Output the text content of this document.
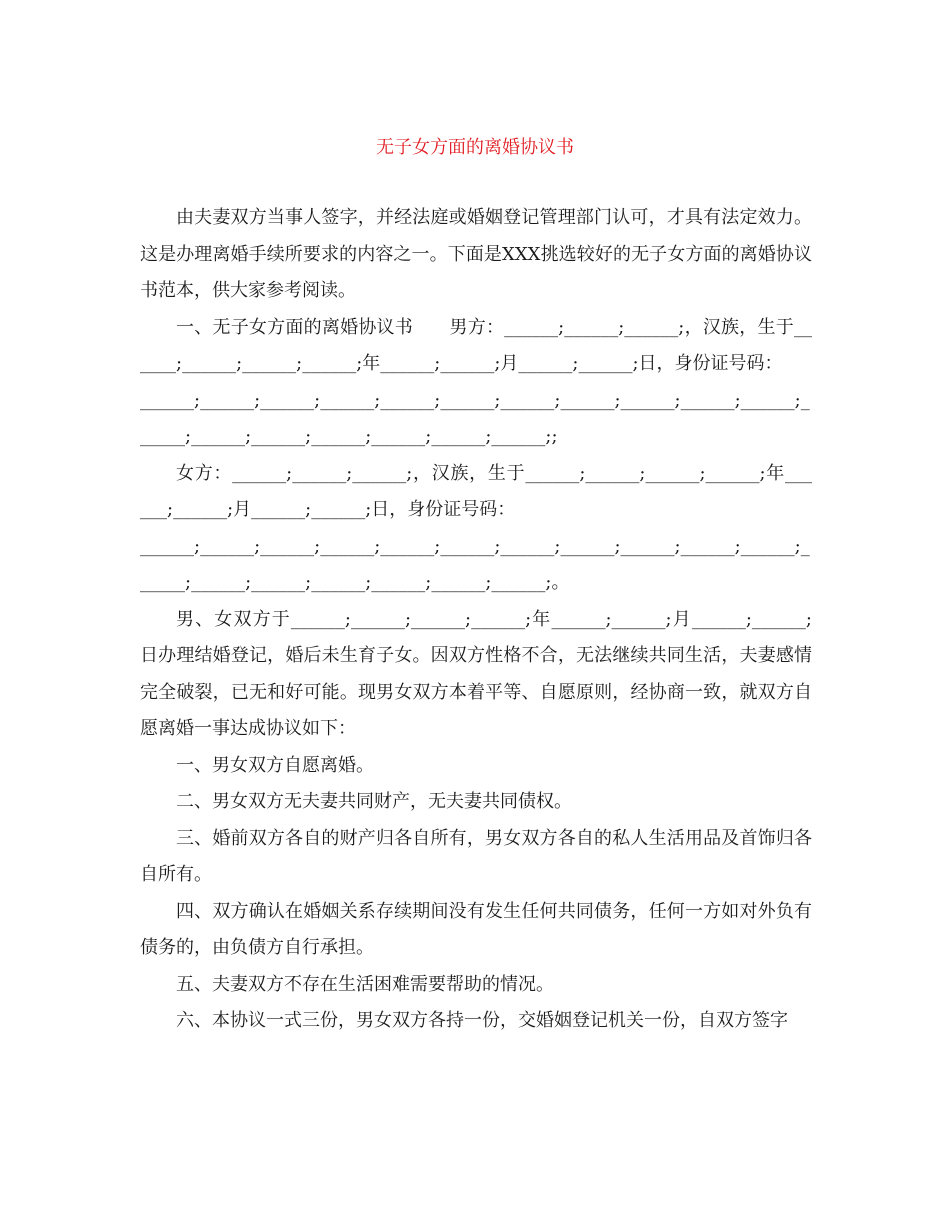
无子女方面的离婚协议书

由夫妻双方当事人签字，并经法庭或婚姻登记管理部门认可，才具有法定效力。这是办理离婚手续所要求的内容之一。下面是XXX挑选较好的无子女方面的离婚协议书范本，供大家参考阅读。

一、无子女方面的离婚协议书　　男方：______;______;______;，汉族，生于______;______;______;______;年______;______;月______;______;日，身份证号码：

______;______;______;______;______;______;______;______;______;______;______;______;______;______;______;______;______;______;;

女方：______;______;______;，汉族，生于______;______;______;______;年______;______;月______;______;日，身份证号码：

______;______;______;______;______;______;______;______;______;______;______;______;______;______;______;______;______;______;。

男、女双方于______;______;______;______;年______;______;月______;______;日办理结婚登记，婚后未生育子女。因双方性格不合，无法继续共同生活，夫妻感情完全破裂，已无和好可能。现男女双方本着平等、自愿原则，经协商一致，就双方自愿离婚一事达成协议如下：

一、男女双方自愿离婚。

二、男女双方无夫妻共同财产，无夫妻共同债权。

三、婚前双方各自的财产归各自所有，男女双方各自的私人生活用品及首饰归各自所有。

四、双方确认在婚姻关系存续期间没有发生任何共同债务，任何一方如对外负有债务的，由负债方自行承担。

五、夫妻双方不存在生活困难需要帮助的情况。

六、本协议一式三份，男女双方各持一份，交婚姻登记机关一份，自双方签字
